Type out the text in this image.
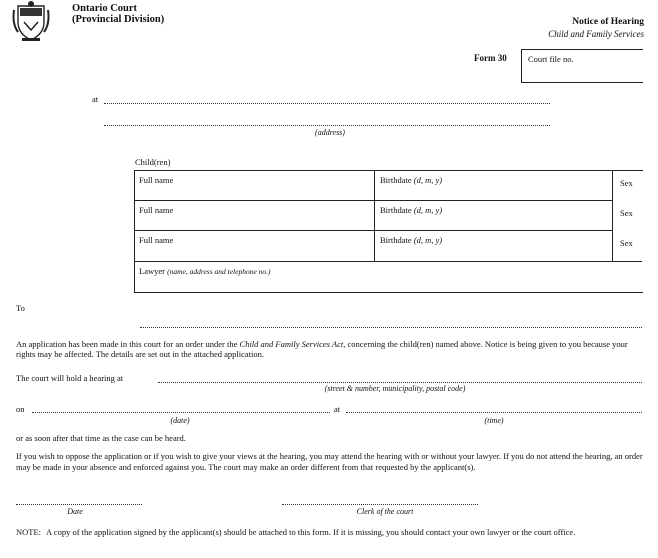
Ontario Court
(Provincial Division)	Notice of Hearing
Child and Family Services
Form 30	Court file no.
at
(address)
Child(ren)
Full name	Birthdate (d, m, y)	Sex
Full name	Birthdate (d, m, y)	Sex
Full name	Birthdate (d, m, y)	Sex
Lawyer (name, address and telephone no.)
To
An application has been made in this court for an order under the Child and Family Services Act, concerning the child(ren) named above. Notice is being given to you because your rights may be affected. The details are set out in the attached application.
The court will hold a hearing at
(street & number, municipality, postal code)
on	at
(date)	(time)
or as soon after that time as the case can be heard.
If you wish to oppose the application or if you wish to give your views at the hearing, you may attend the hearing with or without your lawyer. If you do not attend the hearing, an order may be made in your absence and enforced against you. The court may make an order different from that requested by the applicant(s).
Date	Clerk of the court
NOTE: A copy of the application signed by the applicant(s) should be attached to this form. If it is missing, you should contact your own lawyer or the court office.
